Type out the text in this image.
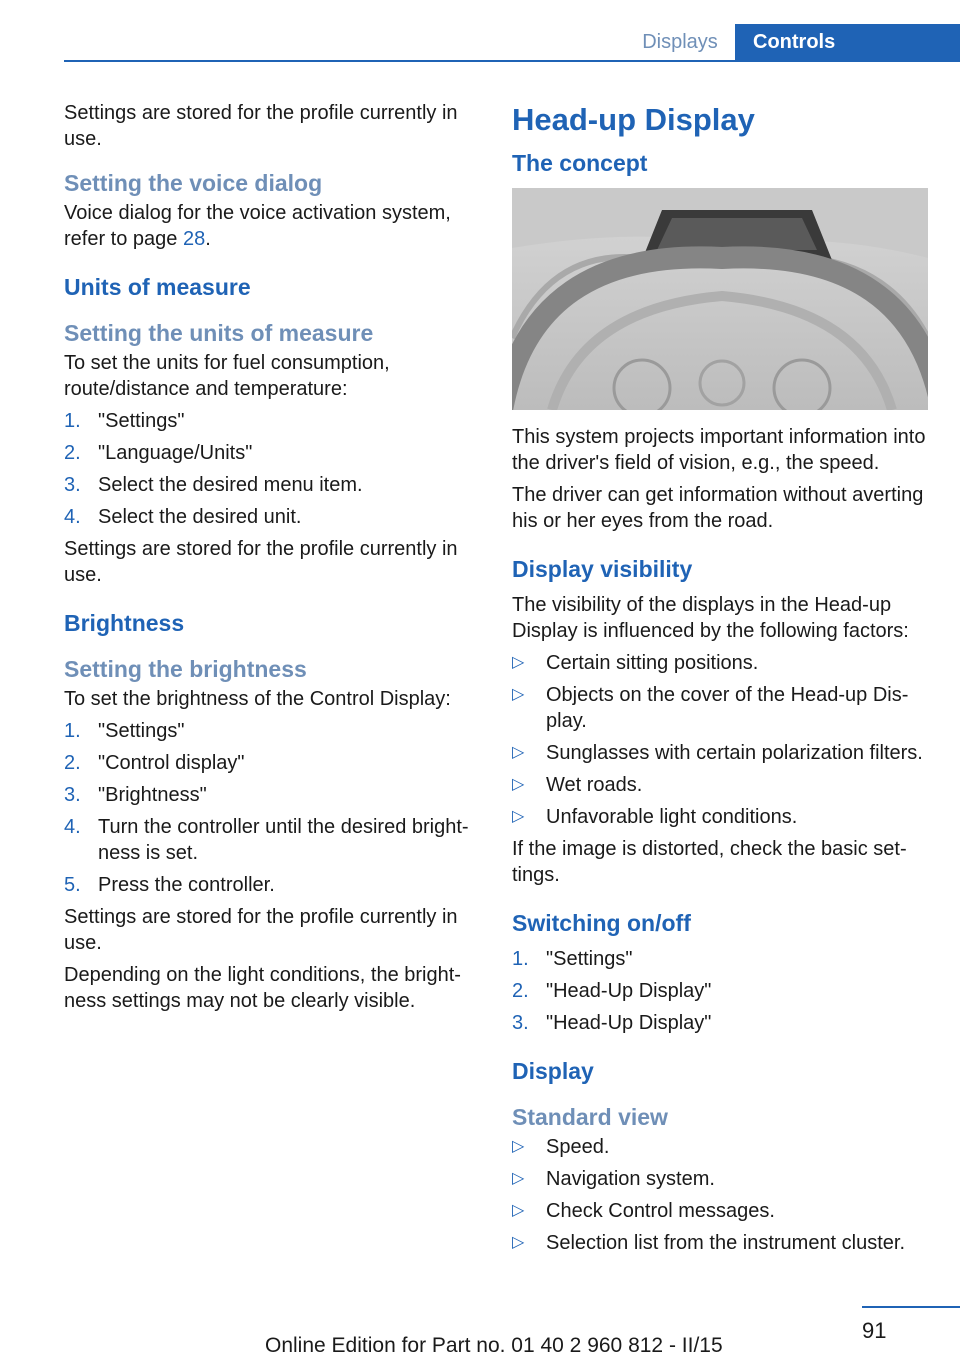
Displays	Controls

Settings are stored for the profile currently in use.

Setting the voice dialog

Voice dialog for the voice activation system, refer to page 28.

Units of measure
Setting the units of measure

To set the units for fuel consumption, route/distance and temperature:

1. "Settings"
2. "Language/Units"
3. Select the desired menu item.
4. Select the desired unit.

Settings are stored for the profile currently in use.

Brightness
Setting the brightness

To set the brightness of the Control Display:

1. "Settings"
2. "Control display"
3. "Brightness"
4. Turn the controller until the desired bright‐ness is set.
5. Press the controller.

Settings are stored for the profile currently in use.

Depending on the light conditions, the bright‐ness settings may not be clearly visible.

Head-up Display
The concept

This system projects important information into the driver's field of vision, e.g., the speed.

The driver can get information without averting his or her eyes from the road.

Display visibility

The visibility of the displays in the Head-up Display is influenced by the following factors:

▷ Certain sitting positions.
▷ Objects on the cover of the Head-up Dis‐play.
▷ Sunglasses with certain polarization filters.
▷ Wet roads.
▷ Unfavorable light conditions.

If the image is distorted, check the basic set‐tings.

Switching on/off
1. "Settings"
2. "Head-Up Display"
3. "Head-Up Display"
Display
Standard view
▷ Speed.
▷ Navigation system.
▷ Check Control messages.
▷ Selection list from the instrument cluster.
91
Online Edition for Part no. 01 40 2 960 812 - II/15
